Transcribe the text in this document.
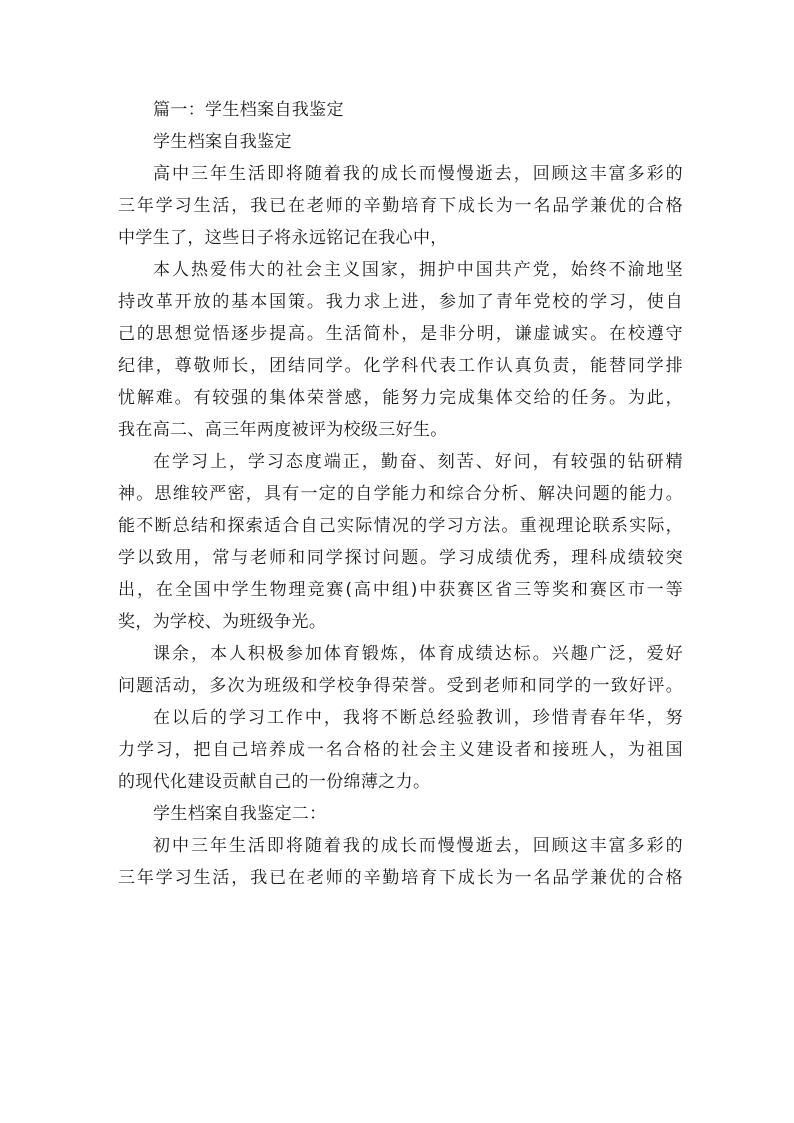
篇一：学生档案自我鉴定
学生档案自我鉴定
高中三年生活即将随着我的成长而慢慢逝去，回顾这丰富多彩的
三年学习生活，我已在老师的辛勤培育下成长为一名品学兼优的合格
中学生了，这些日子将永远铭记在我心中，
本人热爱伟大的社会主义国家，拥护中国共产党，始终不渝地坚
持改革开放的基本国策。我力求上进，参加了青年党校的学习，使自
己的思想觉悟逐步提高。生活简朴，是非分明，谦虚诚实。在校遵守
纪律，尊敬师长，团结同学。化学科代表工作认真负责，能替同学排
忧解难。有较强的集体荣誉感，能努力完成集体交给的任务。为此，
我在高二、高三年两度被评为校级三好生。
在学习上，学习态度端正，勤奋、刻苦、好问，有较强的钻研精
神。思维较严密，具有一定的自学能力和综合分析、解决问题的能力。
能不断总结和探索适合自己实际情况的学习方法。重视理论联系实际，
学以致用，常与老师和同学探讨问题。学习成绩优秀，理科成绩较突
出，在全国中学生物理竞赛(高中组)中获赛区省三等奖和赛区市一等
奖，为学校、为班级争光。
课余，本人积极参加体育锻炼，体育成绩达标。兴趣广泛，爱好
问题活动，多次为班级和学校争得荣誉。受到老师和同学的一致好评。
在以后的学习工作中，我将不断总经验教训，珍惜青春年华，努
力学习，把自己培养成一名合格的社会主义建设者和接班人，为祖国
的现代化建设贡献自己的一份绵薄之力。
学生档案自我鉴定二：
初中三年生活即将随着我的成长而慢慢逝去，回顾这丰富多彩的
三年学习生活，我已在老师的辛勤培育下成长为一名品学兼优的合格
